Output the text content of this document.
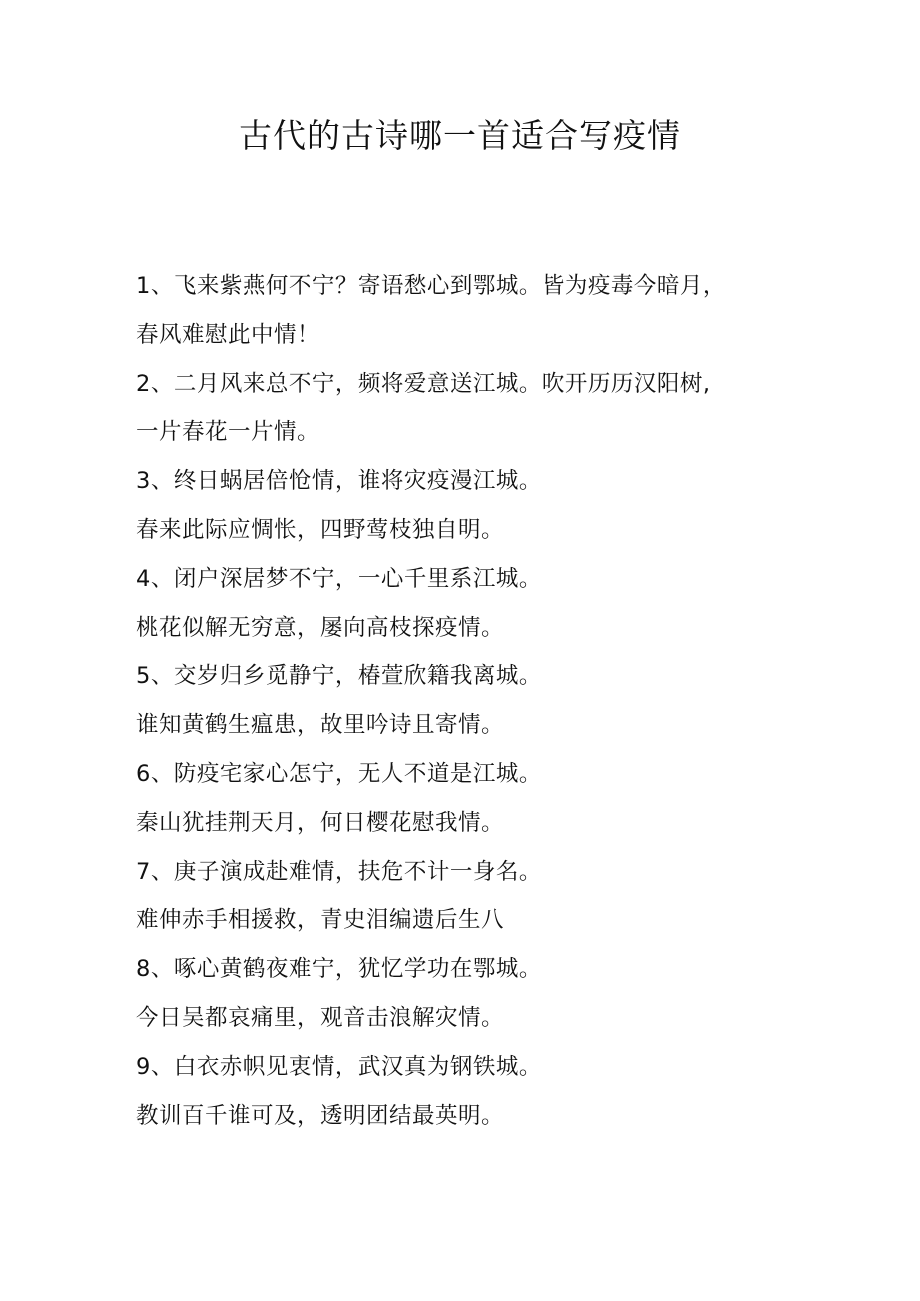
古代的古诗哪一首适合写疫情
1、飞来紫燕何不宁？寄语愁心到鄂城。皆为疫毒今暗月，
春风难慰此中情！
2、二月风来总不宁，频将爱意送江城。吹开历历汉阳树,
一片春花一片情。
3、终日蜗居倍怆情，谁将灾疫漫江城。
春来此际应惆怅，四野莺枝独自明。
4、闭户深居梦不宁，一心千里系江城。
桃花似解无穷意，屡向高枝探疫情。
5、交岁归乡觅静宁，椿萱欣籍我离城。
谁知黄鹤生瘟患，故里吟诗且寄情。
6、防疫宅家心怎宁，无人不道是江城。
秦山犹挂荆天月，何日樱花慰我情。
7、庚子演成赴难情，扶危不计一身名。
难伸赤手相援救，青史泪编遗后生八
8、啄心黄鹤夜难宁，犹忆学功在鄂城。
今日吴都哀痛里，观音击浪解灾情。
9、白衣赤帜见衷情，武汉真为钢铁城。
教训百千谁可及，透明团结最英明。
